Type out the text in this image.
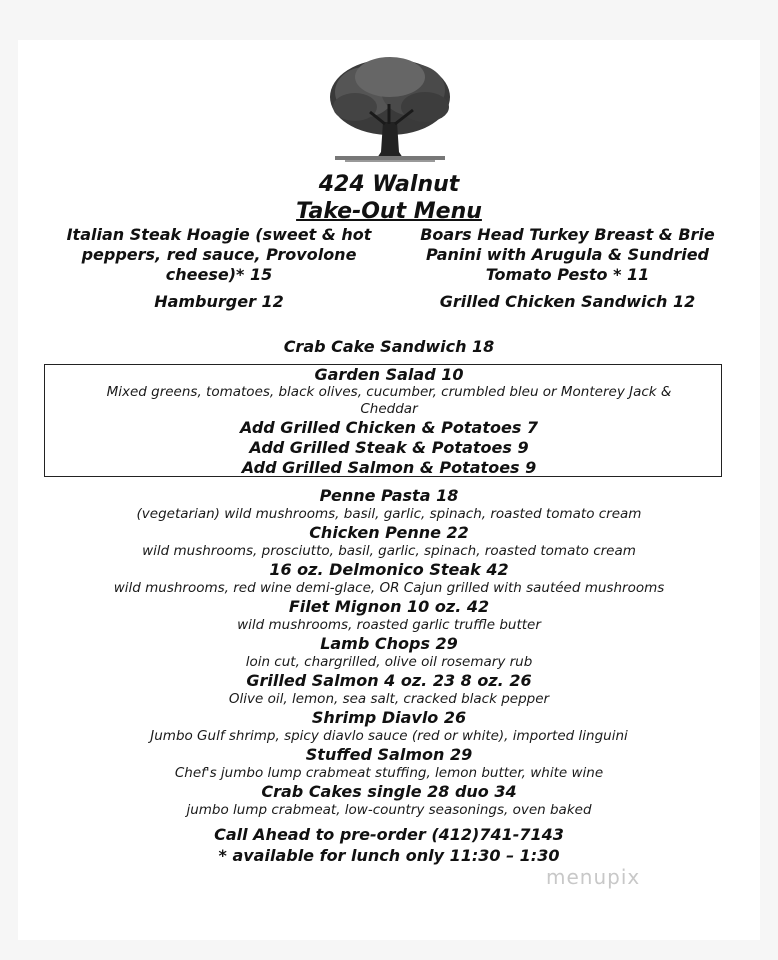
424 Walnut
Take-Out Menu
Italian Steak Hoagie (sweet & hot
peppers, red sauce, Provolone
cheese)* 15
Boars Head Turkey Breast & Brie
Panini with Arugula & Sundried
Tomato Pesto * 11
Hamburger 12	Grilled Chicken Sandwich 12
Crab Cake Sandwich 18
Garden Salad 10
Mixed greens, tomatoes, black olives, cucumber, crumbled bleu or Monterey Jack &
Cheddar
Add Grilled Chicken & Potatoes 7
Add Grilled Steak & Potatoes 9
Add Grilled Salmon & Potatoes 9
Penne Pasta 18
(vegetarian) wild mushrooms, basil, garlic, spinach, roasted tomato cream
Chicken Penne 22
wild mushrooms, prosciutto, basil, garlic, spinach, roasted tomato cream
16 oz. Delmonico Steak 42
wild mushrooms, red wine demi-glace, OR Cajun grilled with sautéed mushrooms
Filet Mignon 10 oz. 42
wild mushrooms, roasted garlic truffle butter
Lamb Chops 29
loin cut, chargrilled, olive oil rosemary rub
Grilled Salmon 4 oz. 23 8 oz. 26
Olive oil, lemon, sea salt, cracked black pepper
Shrimp Diavlo 26
Jumbo Gulf shrimp, spicy diavlo sauce (red or white), imported linguini
Stuffed Salmon 29
Chef's jumbo lump crabmeat stuffing, lemon butter, white wine
Crab Cakes single 28 duo 34
jumbo lump crabmeat, low-country seasonings, oven baked
Call Ahead to pre-order (412)741-7143
* available for lunch only 11:30 – 1:30
menupix
